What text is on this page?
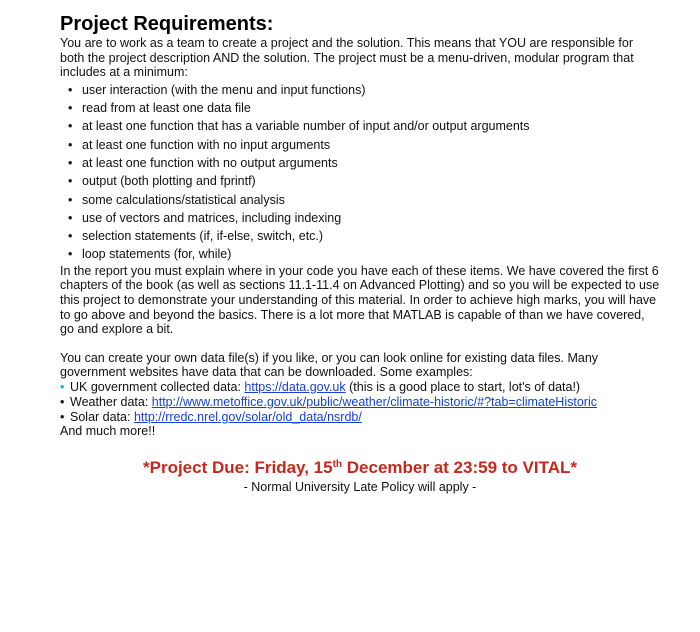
Project Requirements:

You are to work as a team to create a project and the solution. This means that YOU are responsible for both the project description AND the solution. The project must be a menu-driven, modular program that includes at a minimum:

• user interaction (with the menu and input functions)
• read from at least one data file
• at least one function that has a variable number of input and/or output arguments
• at least one function with no input arguments
• at least one function with no output arguments
• output (both plotting and fprintf)
• some calculations/statistical analysis
• use of vectors and matrices, including indexing
• selection statements (if, if-else, switch, etc.)
• loop statements (for, while)

In the report you must explain where in your code you have each of these items. We have covered the first 6 chapters of the book (as well as sections 11.1-11.4 on Advanced Plotting) and so you will be expected to use this project to demonstrate your understanding of this material. In order to achieve high marks, you will have to go above and beyond the basics. There is a lot more that MATLAB is capable of than we have covered, go and explore a bit.

You can create your own data file(s) if you like, or you can look online for existing data files. Many government websites have data that can be downloaded. Some examples:

• UK government collected data: https://data.gov.uk (this is a good place to start, lot's of data!)
• Weather data: http://www.metoffice.gov.uk/public/weather/climate-historic/#?tab=climateHistoric
• Solar data: http://rredc.nrel.gov/solar/old_data/nsrdb/

And much more!!

*Project Due: Friday, 15th December at 23:59 to VITAL*
- Normal University Late Policy will apply -
